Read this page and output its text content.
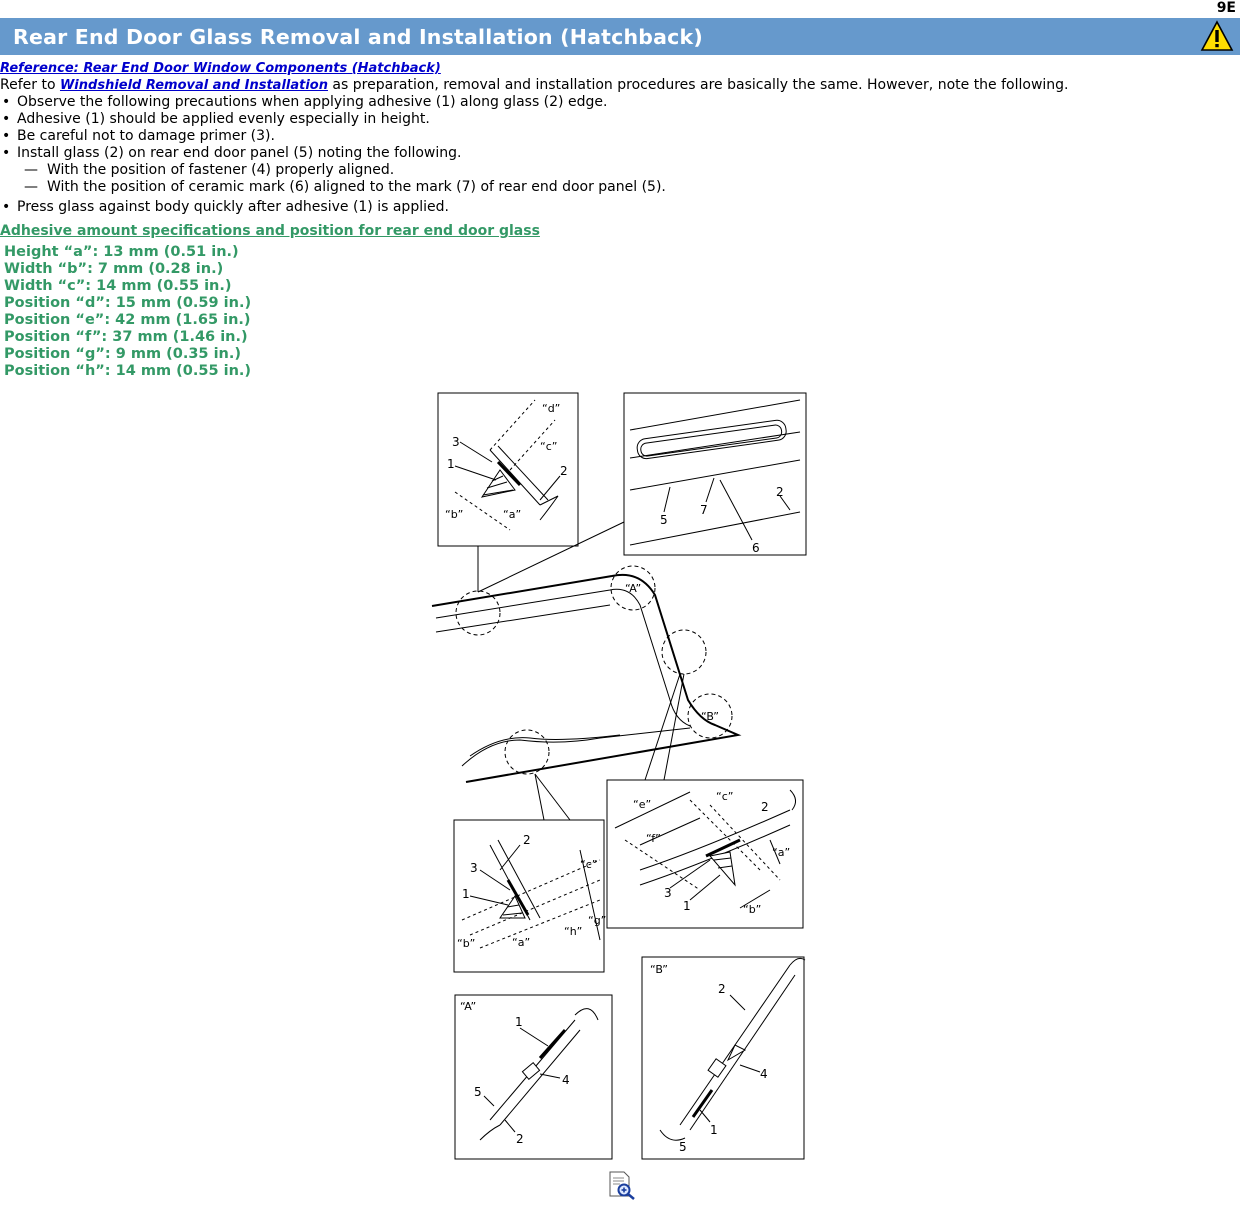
9E
Rear End Door Glass Removal and Installation (Hatchback)
Reference: Rear End Door Window Components (Hatchback)
Refer to Windshield Removal and Installation as preparation, removal and installation procedures are basically the same. However, note the following.
• Observe the following precautions when applying adhesive (1) along glass (2) edge.
• Adhesive (1) should be applied evenly especially in height.
• Be careful not to damage primer (3).
• Install glass (2) on rear end door panel (5) noting the following.
— With the position of fastener (4) properly aligned.
— With the position of ceramic mark (6) aligned to the mark (7) of rear end door panel (5).
• Press glass against body quickly after adhesive (1) is applied.
Adhesive amount specifications and position for rear end door glass
Height “a”: 13 mm (0.51 in.)
Width “b”: 7 mm (0.28 in.)
Width “c”: 14 mm (0.55 in.)
Position “d”: 15 mm (0.59 in.)
Position “e”: 42 mm (1.65 in.)
Position “f”: 37 mm (1.46 in.)
Position “g”: 9 mm (0.35 in.)
Position “h”: 14 mm (0.55 in.)
3
1	2
“d”
“c”
“b”	“a”	5
7
6
2
“A”
“B”
2
3
1
“c”
“g”
“h”
“b”	“a”
“e”
“c”
2
“f”
“a”
3
1	“b”
“A”
1
4
5
2
“B”
2
4
1
5
